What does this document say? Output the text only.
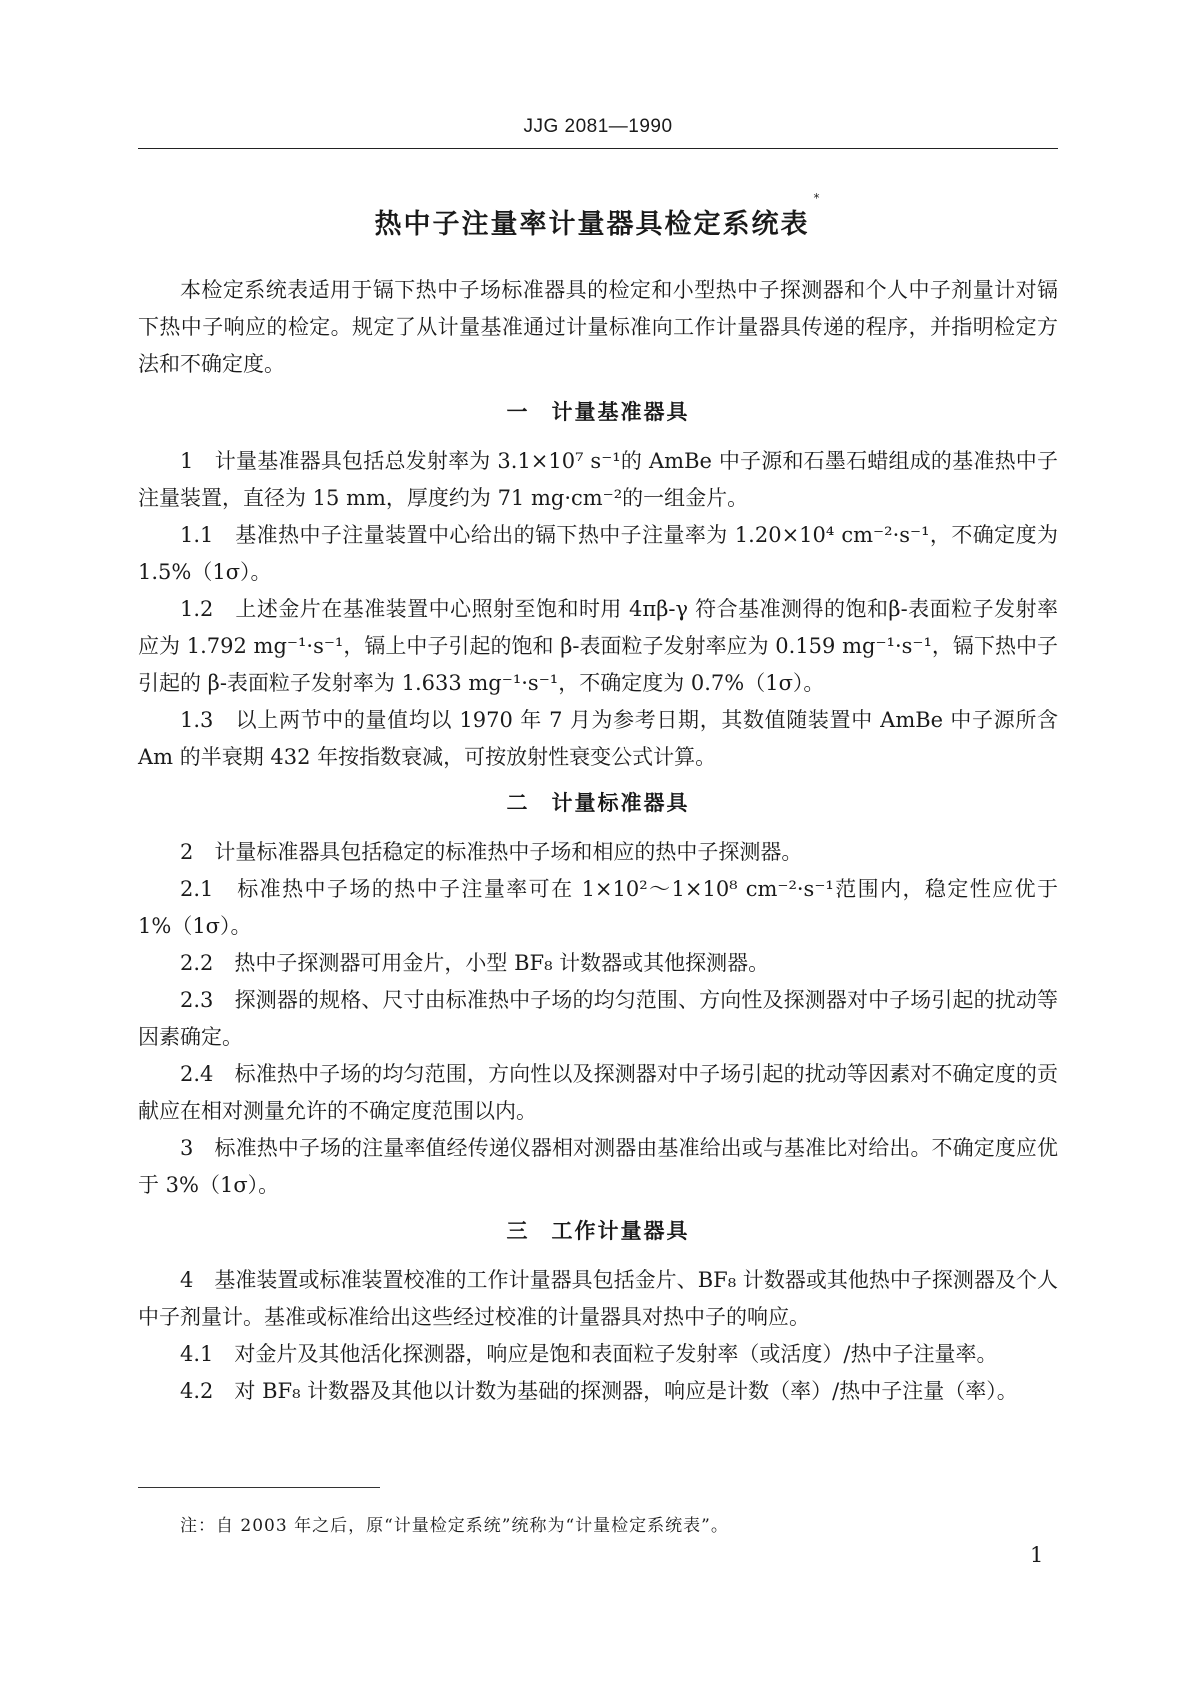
JJG 2081—1990
热中子注量率计量器具检定系统表*

本检定系统表适用于镉下热中子场标准器具的检定和小型热中子探测器和个人中子剂量计对镉下热中子响应的检定。规定了从计量基准通过计量标准向工作计量器具传递的程序，并指明检定方法和不确定度。

一 计量基准器具

1　计量基准器具包括总发射率为 3.1×10⁷ s⁻¹的 AmBe 中子源和石墨石蜡组成的基准热中子注量装置，直径为 15 mm，厚度约为 71 mg·cm⁻²的一组金片。

1.1　基准热中子注量装置中心给出的镉下热中子注量率为 1.20×10⁴ cm⁻²·s⁻¹，不确定度为 1.5%（1σ）。

1.2　上述金片在基准装置中心照射至饱和时用 4πβ-γ 符合基准测得的饱和β-表面粒子发射率应为 1.792 mg⁻¹·s⁻¹，镉上中子引起的饱和 β-表面粒子发射率应为 0.159 mg⁻¹·s⁻¹，镉下热中子引起的 β-表面粒子发射率为 1.633 mg⁻¹·s⁻¹，不确定度为 0.7%（1σ）。

1.3　以上两节中的量值均以 1970 年 7 月为参考日期，其数值随装置中 AmBe 中子源所含 Am 的半衰期 432 年按指数衰减，可按放射性衰变公式计算。

二 计量标准器具

2　计量标准器具包括稳定的标准热中子场和相应的热中子探测器。

2.1　标准热中子场的热中子注量率可在 1×10²～1×10⁸ cm⁻²·s⁻¹范围内，稳定性应优于 1%（1σ）。

2.2　热中子探测器可用金片，小型 BF₈ 计数器或其他探测器。

2.3　探测器的规格、尺寸由标准热中子场的均匀范围、方向性及探测器对中子场引起的扰动等因素确定。

2.4　标准热中子场的均匀范围，方向性以及探测器对中子场引起的扰动等因素对不确定度的贡献应在相对测量允许的不确定度范围以内。

3　标准热中子场的注量率值经传递仪器相对测器由基准给出或与基准比对给出。不确定度应优于 3%（1σ）。

三 工作计量器具

4　基准装置或标准装置校准的工作计量器具包括金片、BF₈ 计数器或其他热中子探测器及个人中子剂量计。基准或标准给出这些经过校准的计量器具对热中子的响应。

4.1　对金片及其他活化探测器，响应是饱和表面粒子发射率（或活度）/热中子注量率。

4.2　对 BF₈ 计数器及其他以计数为基础的探测器，响应是计数（率）/热中子注量（率）。

注：自 2003 年之后，原“计量检定系统”统称为“计量检定系统表”。
1
